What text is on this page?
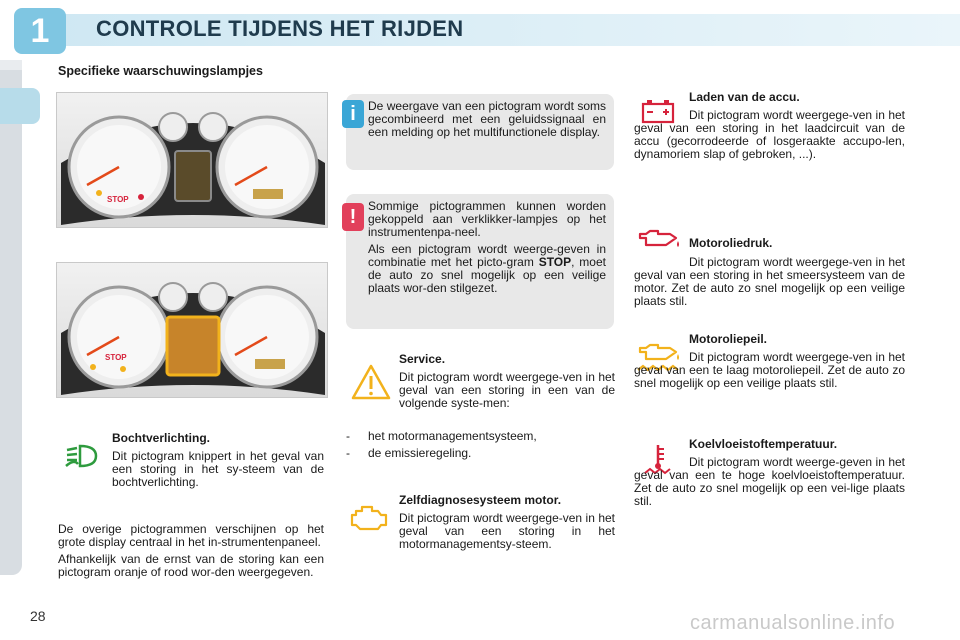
1	CONTROLE TIJDENS HET RIJDEN
Specifieke waarschuwingslampjes
STOP
STOP

De weergave van een pictogram wordt soms gecombineerd met een geluidssignaal en een melding op het multifunctionele display.

i

Sommige pictogrammen kunnen worden gekoppeld aan verklikker-lampjes op het instrumentenpa-neel.

Als een pictogram wordt weerge-geven in combinatie met het picto-gram STOP, moet de auto zo snel mogelijk op een veilige plaats wor-den stilgezet.

!
Bochtverlichting.
Dit pictogram knippert in het geval van een storing in het sy-steem van de bochtverlichting.
De overige pictogrammen verschijnen op het grote display centraal in het in-strumentenpaneel.
Afhankelijk van de ernst van de storing kan een pictogram oranje of rood wor-den weergegeven.
Service.
Dit pictogram wordt weergege-ven in het geval van een storing in een van de volgende syste-men:
- het motormanagementsysteem,
- de emissieregeling.
Zelfdiagnosesysteem motor.
Dit pictogram wordt weergege-ven in het geval van een storing in het motormanagementsy-steem.
Laden van de accu.
Dit pictogram wordt weergege-ven in het geval van een storing in het laadcircuit van de accu (gecorrodeerde of losgeraakte accupo-len, dynamoriem slap of gebroken, ...).
Motoroliedruk.
Dit pictogram wordt weergege-ven in het geval van een storing in het smeersysteem van de motor. Zet de auto zo snel mogelijk op een veilige plaats stil.
Motoroliepeil.
Dit pictogram wordt weergege-ven in het geval van een te laag motoroliepeil. Zet de auto zo snel mogelijk op een veilige plaats stil.
Koelvloeistoftemperatuur.
Dit pictogram wordt weerge-geven in het geval van een te hoge koelvloeistoftemperatuur. Zet de auto zo snel mogelijk op een vei-lige plaats stil.
28	carmanualsonline.info
